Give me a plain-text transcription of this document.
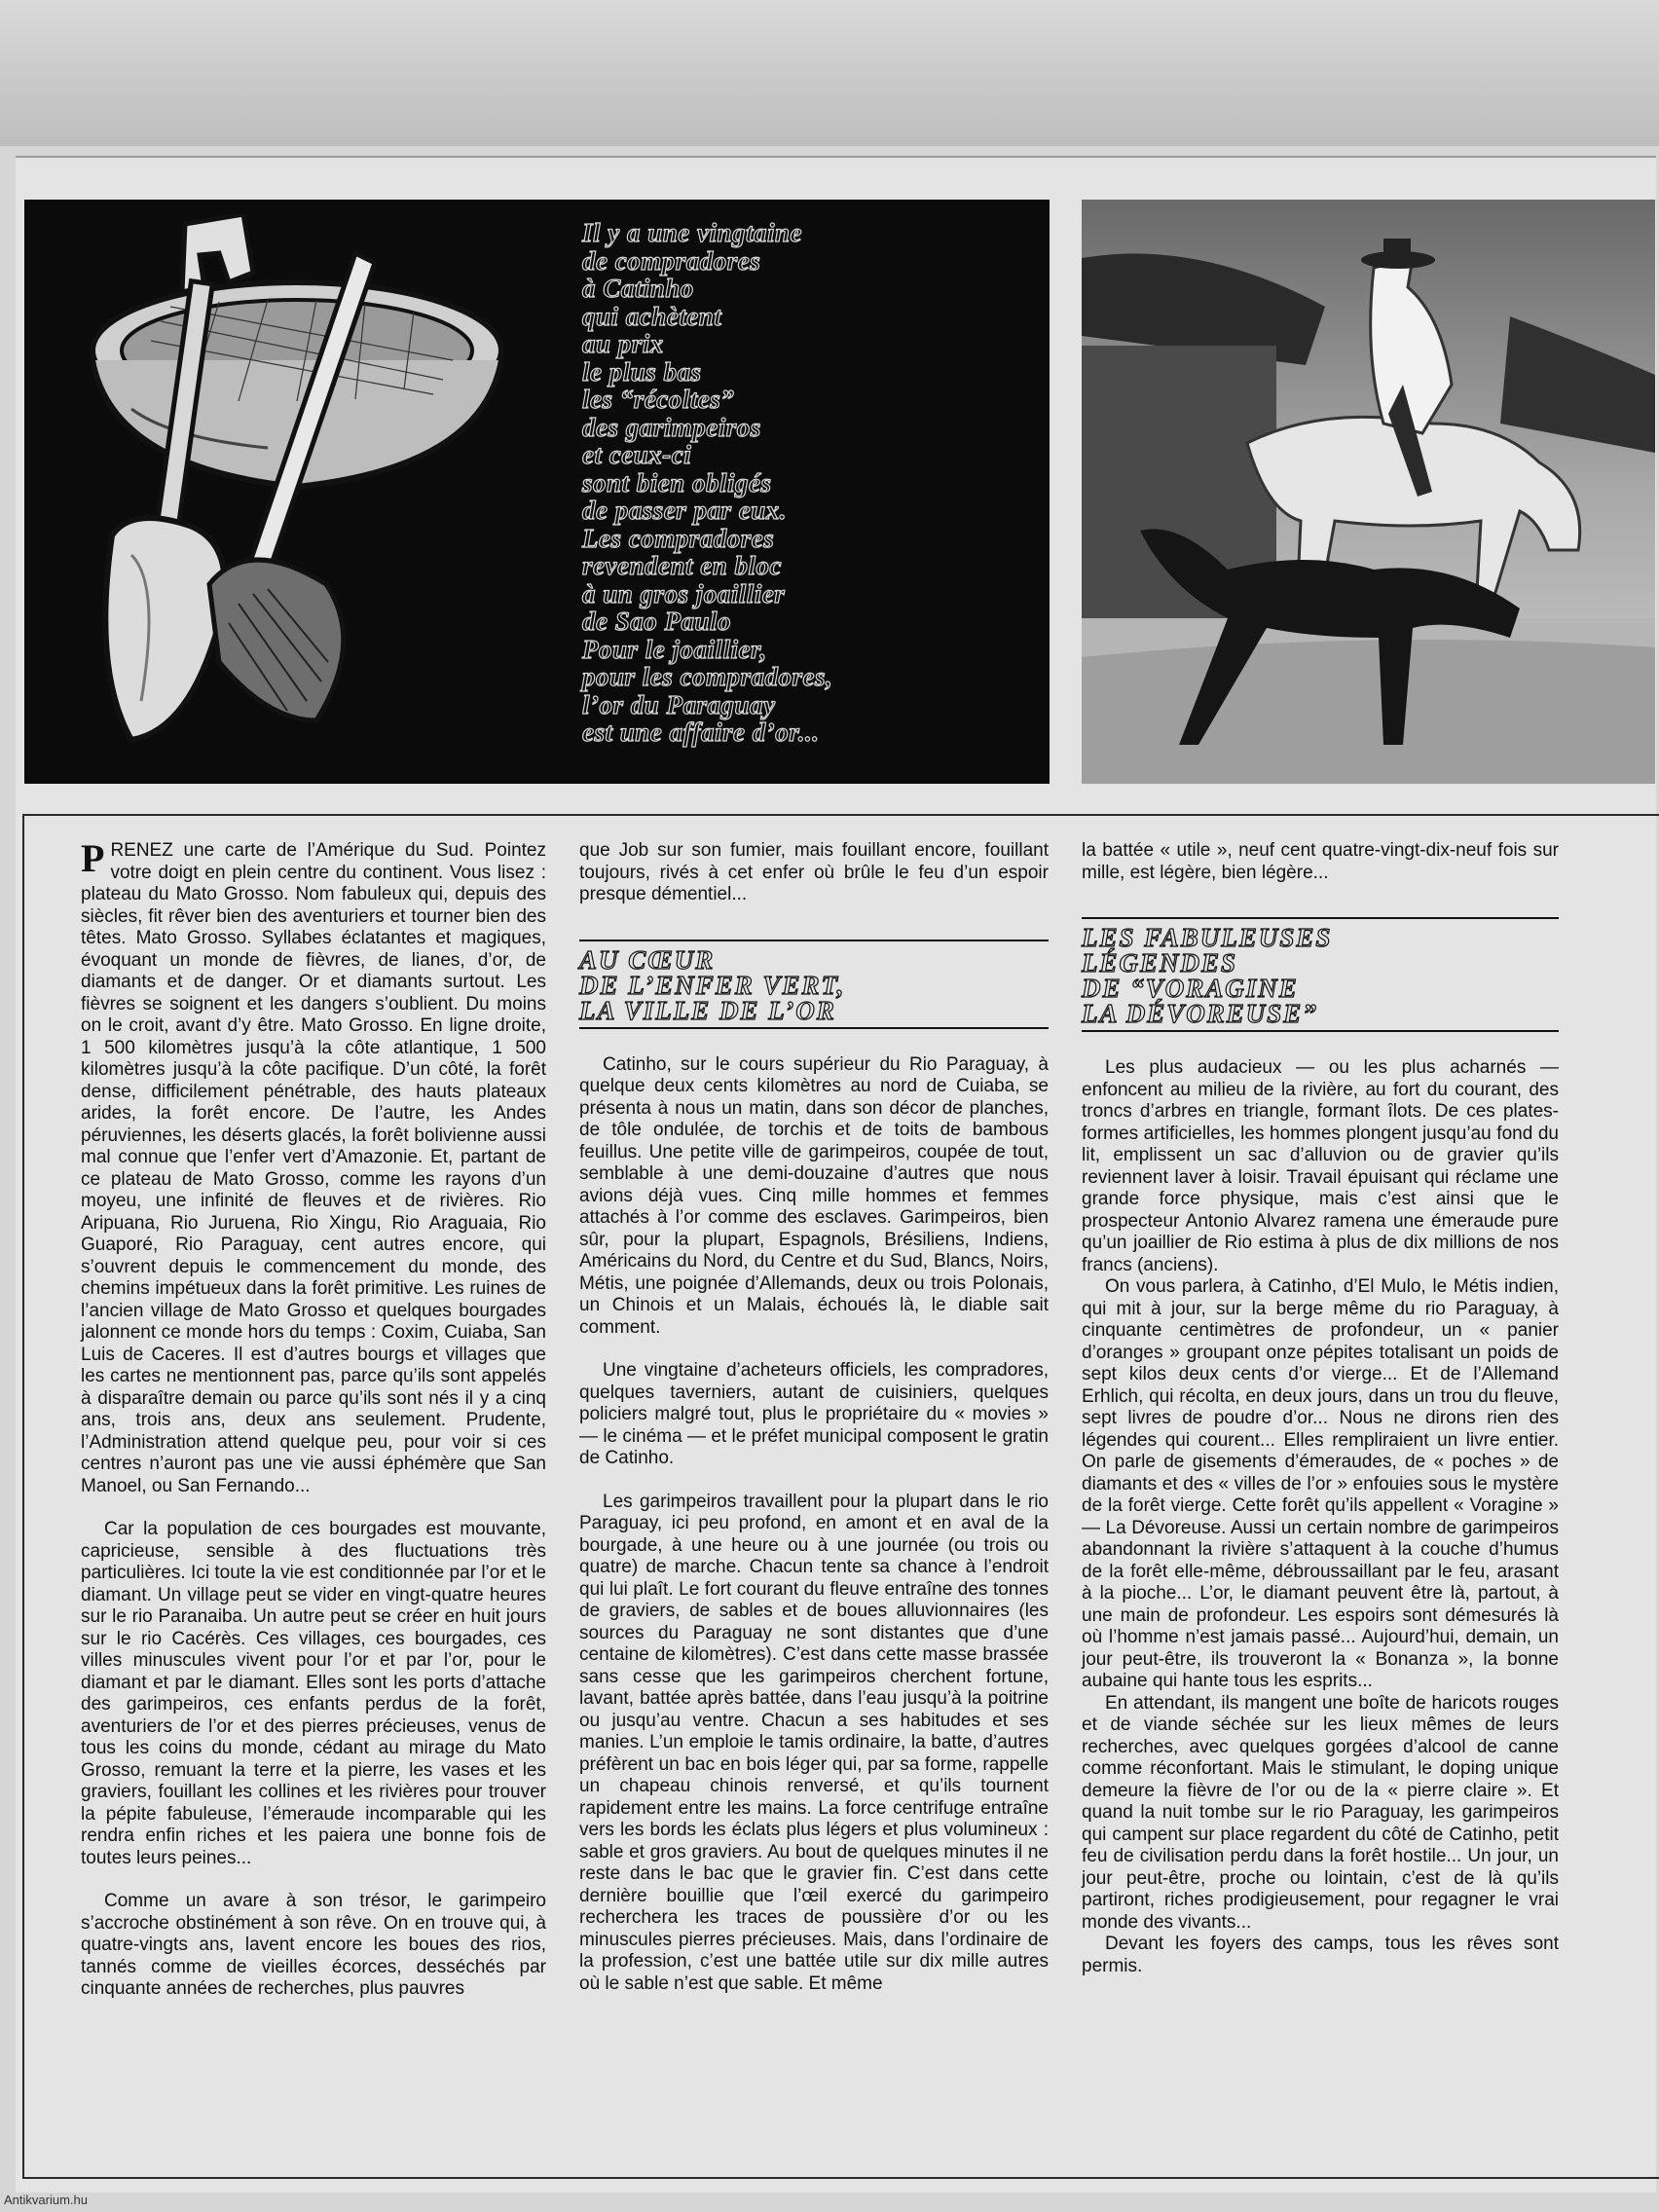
Il y a une vingtaine
de compradores
à Catinho
qui achètent
au prix
le plus bas
les “récoltes”
des garimpeiros
et ceux-ci
sont bien obligés
de passer par eux.
Les compradores
revendent en bloc
à un gros joaillier
de Sao Paulo
Pour le joaillier,
pour les compradores,
l’or du Paraguay
est une affaire d’or...

PRENEZ une carte de l’Amérique du Sud. Pointez votre doigt en plein centre du continent. Vous lisez : plateau du Mato Grosso. Nom fabuleux qui, depuis des siècles, fit rêver bien des aventuriers et tourner bien des têtes. Mato Grosso. Syllabes éclatantes et magiques, évoquant un monde de fièvres, de lianes, d’or, de diamants et de danger. Or et diamants surtout. Les fièvres se soignent et les dangers s’oublient. Du moins on le croit, avant d’y être. Mato Grosso. En ligne droite, 1 500 kilomètres jusqu’à la côte atlantique, 1 500 kilomètres jusqu’à la côte pacifique. D’un côté, la forêt dense, difficilement pénétrable, des hauts plateaux arides, la forêt encore. De l’autre, les Andes péruviennes, les déserts glacés, la forêt bolivienne aussi mal connue que l’enfer vert d’Amazonie. Et, partant de ce plateau de Mato Grosso, comme les rayons d’un moyeu, une infinité de fleuves et de rivières. Rio Aripuana, Rio Juruena, Rio Xingu, Rio Araguaia, Rio Guaporé, Rio Paraguay, cent autres encore, qui s’ouvrent depuis le commencement du monde, des chemins impétueux dans la forêt primitive. Les ruines de l’ancien village de Mato Grosso et quelques bourgades jalonnent ce monde hors du temps : Coxim, Cuiaba, San Luis de Caceres. Il est d’autres bourgs et villages que les cartes ne mentionnent pas, parce qu’ils sont appelés à disparaître demain ou parce qu’ils sont nés il y a cinq ans, trois ans, deux ans seulement. Prudente, l’Administration attend quelque peu, pour voir si ces centres n’auront pas une vie aussi éphémère que San Manoel, ou San Fernando...

Car la population de ces bourgades est mouvante, capricieuse, sensible à des fluctuations très particulières. Ici toute la vie est conditionnée par l’or et le diamant. Un village peut se vider en vingt-quatre heures sur le rio Paranaiba. Un autre peut se créer en huit jours sur le rio Cacérès. Ces villages, ces bourgades, ces villes minuscules vivent pour l’or et par l’or, pour le diamant et par le diamant. Elles sont les ports d’attache des garimpeiros, ces enfants perdus de la forêt, aventuriers de l’or et des pierres précieuses, venus de tous les coins du monde, cédant au mirage du Mato Grosso, remuant la terre et la pierre, les vases et les graviers, fouillant les collines et les rivières pour trouver la pépite fabuleuse, l’émeraude incomparable qui les rendra enfin riches et les paiera une bonne fois de toutes leurs peines...

Comme un avare à son trésor, le garimpeiro s’accroche obstinément à son rêve. On en trouve qui, à quatre-vingts ans, lavent encore les boues des rios, tannés comme de vieilles écorces, desséchés par cinquante années de recherches, plus pauvres

que Job sur son fumier, mais fouillant encore, fouillant toujours, rivés à cet enfer où brûle le feu d’un espoir presque démentiel...

AU CŒUR
DE L’ENFER VERT,
LA VILLE DE L’OR

Catinho, sur le cours supérieur du Rio Paraguay, à quelque deux cents kilomètres au nord de Cuiaba, se présenta à nous un matin, dans son décor de planches, de tôle ondulée, de torchis et de toits de bambous feuillus. Une petite ville de garimpeiros, coupée de tout, semblable à une demi-douzaine d’autres que nous avions déjà vues. Cinq mille hommes et femmes attachés à l’or comme des esclaves. Garimpeiros, bien sûr, pour la plupart, Espagnols, Brésiliens, Indiens, Américains du Nord, du Centre et du Sud, Blancs, Noirs, Métis, une poignée d’Allemands, deux ou trois Polonais, un Chinois et un Malais, échoués là, le diable sait comment.

Une vingtaine d’acheteurs officiels, les compradores, quelques taverniers, autant de cuisiniers, quelques policiers malgré tout, plus le propriétaire du « movies » — le cinéma — et le préfet municipal composent le gratin de Catinho.

Les garimpeiros travaillent pour la plupart dans le rio Paraguay, ici peu profond, en amont et en aval de la bourgade, à une heure ou à une journée (ou trois ou quatre) de marche. Chacun tente sa chance à l’endroit qui lui plaît. Le fort courant du fleuve entraîne des tonnes de graviers, de sables et de boues alluvionnaires (les sources du Paraguay ne sont distantes que d’une centaine de kilomètres). C’est dans cette masse brassée sans cesse que les garimpeiros cherchent fortune, lavant, battée après battée, dans l’eau jusqu’à la poitrine ou jusqu’au ventre. Chacun a ses habitudes et ses manies. L’un emploie le tamis ordinaire, la batte, d’autres préfèrent un bac en bois léger qui, par sa forme, rappelle un chapeau chinois renversé, et qu’ils tournent rapidement entre les mains. La force centrifuge entraîne vers les bords les éclats plus légers et plus volumineux : sable et gros graviers. Au bout de quelques minutes il ne reste dans le bac que le gravier fin. C’est dans cette dernière bouillie que l’œil exercé du garimpeiro recherchera les traces de poussière d’or ou les minuscules pierres précieuses. Mais, dans l’ordinaire de la profession, c’est une battée utile sur dix mille autres où le sable n’est que sable. Et même

la battée « utile », neuf cent quatre-vingt-dix-neuf fois sur mille, est légère, bien légère...

LES FABULEUSES
LÉGENDES
DE “VORAGINE
LA DÉVOREUSE”

Les plus audacieux — ou les plus acharnés — enfoncent au milieu de la rivière, au fort du courant, des troncs d’arbres en triangle, formant îlots. De ces plates-formes artificielles, les hommes plongent jusqu’au fond du lit, emplissent un sac d’alluvion ou de gravier qu’ils reviennent laver à loisir. Travail épuisant qui réclame une grande force physique, mais c’est ainsi que le prospecteur Antonio Alvarez ramena une émeraude pure qu’un joaillier de Rio estima à plus de dix millions de nos francs (anciens).

On vous parlera, à Catinho, d’El Mulo, le Métis indien, qui mit à jour, sur la berge même du rio Paraguay, à cinquante centimètres de profondeur, un « panier d’oranges » groupant onze pépites totalisant un poids de sept kilos deux cents d’or vierge... Et de l’Allemand Erhlich, qui récolta, en deux jours, dans un trou du fleuve, sept livres de poudre d’or... Nous ne dirons rien des légendes qui courent... Elles rempliraient un livre entier. On parle de gisements d’émeraudes, de « poches » de diamants et des « villes de l’or » enfouies sous le mystère de la forêt vierge. Cette forêt qu’ils appellent « Voragine » — La Dévoreuse. Aussi un certain nombre de garimpeiros abandonnant la rivière s’attaquent à la couche d’humus de la forêt elle-même, débroussaillant par le feu, arasant à la pioche... L’or, le diamant peuvent être là, partout, à une main de profondeur. Les espoirs sont démesurés là où l’homme n’est jamais passé... Aujourd’hui, demain, un jour peut-être, ils trouveront la « Bonanza », la bonne aubaine qui hante tous les esprits...

En attendant, ils mangent une boîte de haricots rouges et de viande séchée sur les lieux mêmes de leurs recherches, avec quelques gorgées d’alcool de canne comme réconfortant. Mais le stimulant, le doping unique demeure la fièvre de l’or ou de la « pierre claire ». Et quand la nuit tombe sur le rio Paraguay, les garimpeiros qui campent sur place regardent du côté de Catinho, petit feu de civilisation perdu dans la forêt hostile... Un jour, un jour peut-être, proche ou lointain, c’est de là qu’ils partiront, riches prodigieusement, pour regagner le vrai monde des vivants...

Devant les foyers des camps, tous les rêves sont permis.

Antikvarium.hu
